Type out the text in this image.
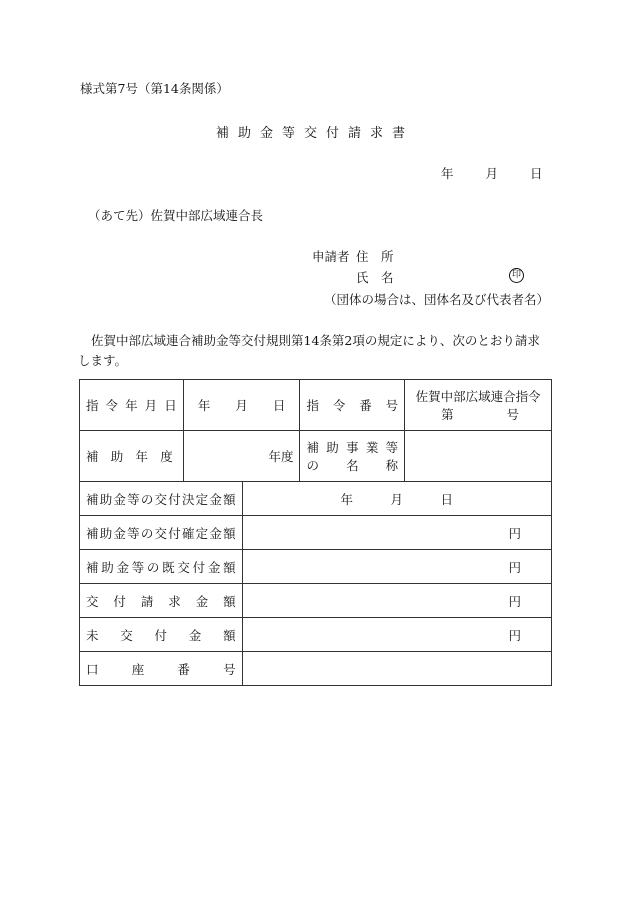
様式第7号（第14条関係）
補助金等交付請求書
年	月	日
（あて先）佐賀中部広域連合長
申請者 住　所
氏　名	印
（団体の場合は、団体名及び代表者名）
佐賀中部広域連合補助金等交付規則第14条第2項の規定により、次のとおり請求します。
指令年月日	年　　月　　日		指令番号	佐賀中部広域連合指令
第 号

補助年度	年度		補助事業等
の名称	

補助金等の交付決定金額		年　　　月　　　日		

補助金等の交付確定金額		円		

補助金等の既交付金額		円		

交付請求金額		円		

未交付金額		円		

口座番号				
